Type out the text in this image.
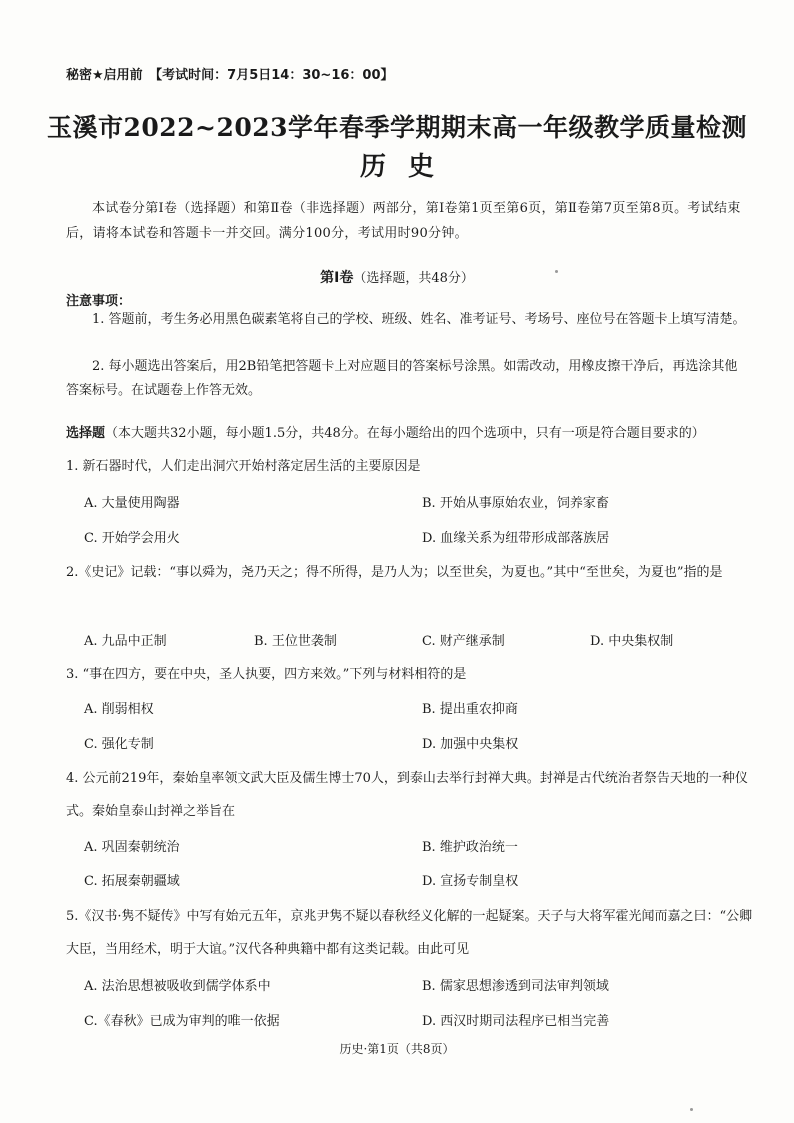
秘密★启用前　【考试时间：7月5日14：30~16：00】
玉溪市2022~2023学年春季学期期末高一年级教学质量检测
历史
本试卷分第Ⅰ卷（选择题）和第Ⅱ卷（非选择题）两部分，第Ⅰ卷第1页至第6页，第Ⅱ卷第7页至第8页。考试结束后，请将本试卷和答题卡一并交回。满分100分，考试用时90分钟。
第Ⅰ卷（选择题，共48分）
注意事项：
1. 答题前，考生务必用黑色碳素笔将自己的学校、班级、姓名、准考证号、考场号、座位号在答题卡上填写清楚。
2. 每小题选出答案后，用2B铅笔把答题卡上对应题目的答案标号涂黑。如需改动，用橡皮擦干净后，再选涂其他答案标号。在试题卷上作答无效。
选择题（本大题共32小题，每小题1.5分，共48分。在每小题给出的四个选项中，只有一项是符合题目要求的）
1. 新石器时代，人们走出洞穴开始村落定居生活的主要原因是
A. 大量使用陶器	B. 开始从事原始农业，饲养家畜
C. 开始学会用火	D. 血缘关系为纽带形成部落族居
2.《史记》记载：“事以舜为，尧乃天之；得不所得，是乃人为；以至世矣，为夏也。”其中“至世矣，为夏也”指的是
A. 九品中正制	B. 王位世袭制	C. 财产继承制	D. 中央集权制
3. “事在四方，要在中央，圣人执要，四方来效。”下列与材料相符的是
A. 削弱相权	B. 提出重农抑商
C. 强化专制	D. 加强中央集权
4. 公元前219年，秦始皇率领文武大臣及儒生博士70人，到泰山去举行封禅大典。封禅是古代统治者祭告天地的一种仪式。秦始皇泰山封禅之举旨在
A. 巩固秦朝统治	B. 维护政治统一
C. 拓展秦朝疆域	D. 宣扬专制皇权
5.《汉书·隽不疑传》中写有始元五年，京兆尹隽不疑以春秋经义化解的一起疑案。天子与大将军霍光闻而嘉之曰：“公卿大臣，当用经术，明于大谊。”汉代各种典籍中都有这类记载。由此可见
A. 法治思想被吸收到儒学体系中	B. 儒家思想渗透到司法审判领域
C.《春秋》已成为审判的唯一依据	D. 西汉时期司法程序已相当完善
历史·第1页（共8页）
